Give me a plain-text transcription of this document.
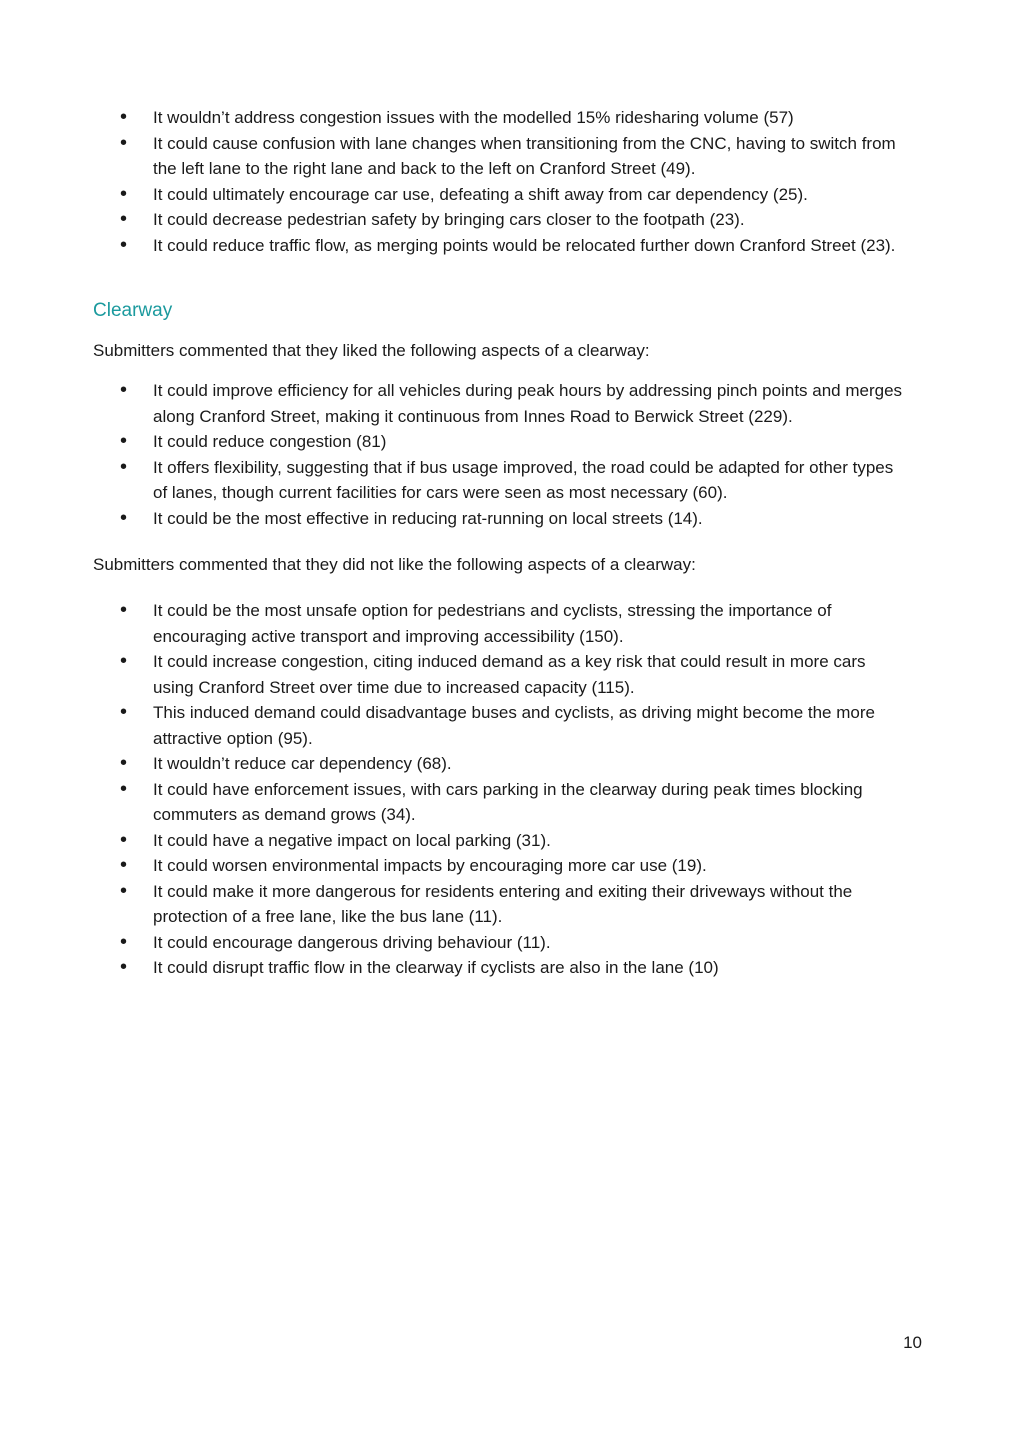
• It wouldn’t address congestion issues with the modelled 15% ridesharing volume (57)
• It could cause confusion with lane changes when transitioning from the CNC, having to switch from the left lane to the right lane and back to the left on Cranford Street (49).
• It could ultimately encourage car use, defeating a shift away from car dependency (25).
• It could decrease pedestrian safety by bringing cars closer to the footpath (23).
• It could reduce traffic flow, as merging points would be relocated further down Cranford Street (23).
Clearway

Submitters commented that they liked the following aspects of a clearway:

• It could improve efficiency for all vehicles during peak hours by addressing pinch points and merges along Cranford Street, making it continuous from Innes Road to Berwick Street (229).
• It could reduce congestion (81)
• It offers flexibility, suggesting that if bus usage improved, the road could be adapted for other types of lanes, though current facilities for cars were seen as most necessary (60).
• It could be the most effective in reducing rat-running on local streets (14).

Submitters commented that they did not like the following aspects of a clearway:

• It could be the most unsafe option for pedestrians and cyclists, stressing the importance of encouraging active transport and improving accessibility (150).
• It could increase congestion, citing induced demand as a key risk that could result in more cars using Cranford Street over time due to increased capacity (115).
• This induced demand could disadvantage buses and cyclists, as driving might become the more attractive option (95).
• It wouldn’t reduce car dependency (68).
• It could have enforcement issues, with cars parking in the clearway during peak times blocking commuters as demand grows (34).
• It could have a negative impact on local parking (31).
• It could worsen environmental impacts by encouraging more car use (19).
• It could make it more dangerous for residents entering and exiting their driveways without the protection of a free lane, like the bus lane (11).
• It could encourage dangerous driving behaviour (11).
• It could disrupt traffic flow in the clearway if cyclists are also in the lane (10)
10
